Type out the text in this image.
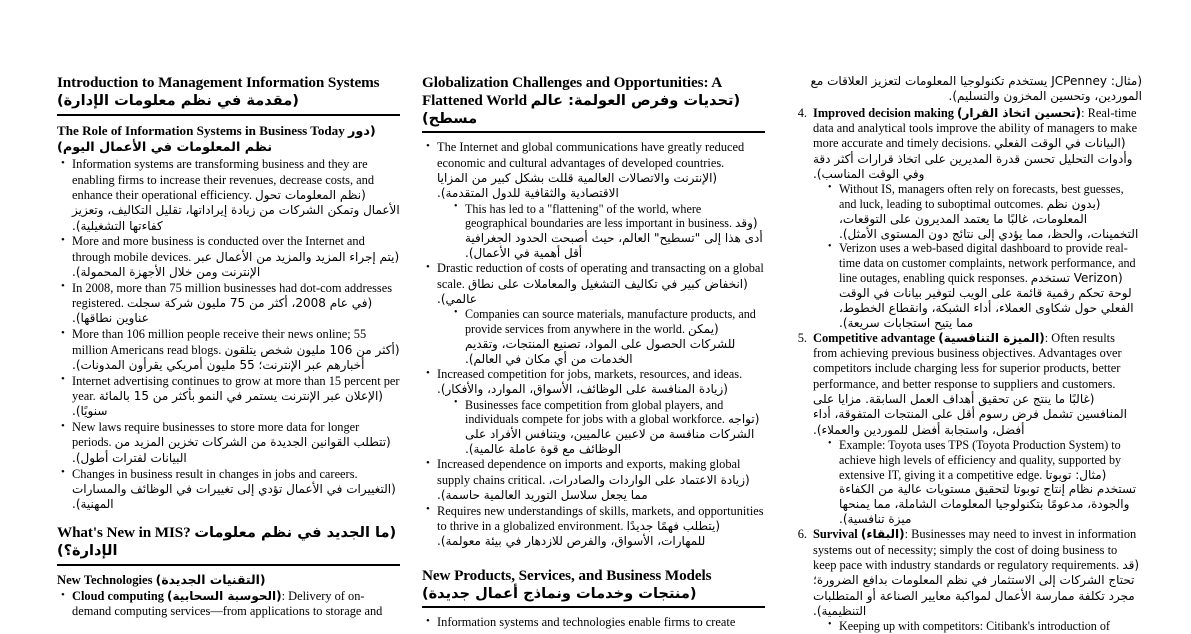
Introduction to Management Information Systems (مقدمة في نظم معلومات الإدارة)
The Role of Information Systems in Business Today (دور نظم المعلومات في الأعمال اليوم)
• Information systems are transforming business and they are enabling firms to increase their revenues, decrease costs, and enhance their operational efficiency. (نظم المعلومات تحول الأعمال وتمكن الشركات من زيادة إيراداتها، تقليل التكاليف، وتعزيز كفاءتها التشغيلية).
• More and more business is conducted over the Internet and through mobile devices. (يتم إجراء المزيد والمزيد من الأعمال عبر الإنترنت ومن خلال الأجهزة المحمولة).
• In 2008, more than 75 million businesses had dot-com addresses registered. (في عام 2008، أكثر من 75 مليون شركة سجلت عناوين نطاقها).
• More than 106 million people receive their news online; 55 million Americans read blogs. (أكثر من 106 مليون شخص يتلقون أخبارهم عبر الإنترنت؛ 55 مليون أمريكي يقرأون المدونات).
• Internet advertising continues to grow at more than 15 percent per year. (الإعلان عبر الإنترنت يستمر في النمو بأكثر من 15 بالمائة سنويًا).
• New laws require businesses to store more data for longer periods. (تتطلب القوانين الجديدة من الشركات تخزين المزيد من البيانات لفترات أطول).
• Changes in business result in changes in jobs and careers. (التغييرات في الأعمال تؤدي إلى تغييرات في الوظائف والمسارات المهنية).
What's New in MIS? (ما الجديد في نظم معلومات الإدارة؟)
New Technologies (التقنيات الجديدة)
• Cloud computing (الحوسبة السحابية): Delivery of on-demand computing services—from applications to storage and
Globalization Challenges and Opportunities: A Flattened World (تحديات وفرص العولمة: عالم مسطح)
• The Internet and global communications have greatly reduced economic and cultural advantages of developed countries. (الإنترنت والاتصالات العالمية قللت بشكل كبير من المزايا الاقتصادية والثقافية للدول المتقدمة).
• This has led to a "flattening" of the world, where geographical boundaries are less important in business. (وقد أدى هذا إلى "تسطيح" العالم، حيث أصبحت الحدود الجغرافية أقل أهمية في الأعمال).
• Drastic reduction of costs of operating and transacting on a global scale. (انخفاض كبير في تكاليف التشغيل والمعاملات على نطاق عالمي).
• Companies can source materials, manufacture products, and provide services from anywhere in the world. (يمكن للشركات الحصول على المواد، تصنيع المنتجات، وتقديم الخدمات من أي مكان في العالم).
• Increased competition for jobs, markets, resources, and ideas. (زيادة المنافسة على الوظائف، الأسواق، الموارد، والأفكار).
• Businesses face competition from global players, and individuals compete for jobs with a global workforce. (تواجه الشركات منافسة من لاعبين عالميين، ويتنافس الأفراد على الوظائف مع قوة عاملة عالمية).
• Increased dependence on imports and exports, making global supply chains critical. (زيادة الاعتماد على الواردات والصادرات، مما يجعل سلاسل التوريد العالمية حاسمة).
• Requires new understandings of skills, markets, and opportunities to thrive in a globalized environment. (يتطلب فهمًا جديدًا للمهارات، الأسواق، والفرص للازدهار في بيئة معولمة).
New Products, Services, and Business Models (منتجات وخدمات ونماذج أعمال جديدة)
• Information systems and technologies enable firms to create
(مثال: JCPenney يستخدم تكنولوجيا المعلومات لتعزيز العلاقات مع الموردين، وتحسين المخزون والتسليم).
4. Improved decision making (تحسين اتخاذ القرار): Real-time data and analytical tools improve the ability of managers to make more accurate and timely decisions. (البيانات في الوقت الفعلي وأدوات التحليل تحسن قدرة المديرين على اتخاذ قرارات أكثر دقة وفي الوقت المناسب).
• Without IS, managers often rely on forecasts, best guesses, and luck, leading to suboptimal outcomes. (بدون نظم المعلومات، غالبًا ما يعتمد المديرون على التوقعات، التخمينات، والحظ، مما يؤدي إلى نتائج دون المستوى الأمثل).
• Verizon uses a web-based digital dashboard to provide real-time data on customer complaints, network performance, and line outages, enabling quick responses. (Verizon تستخدم لوحة تحكم رقمية قائمة على الويب لتوفير بيانات في الوقت الفعلي حول شكاوى العملاء، أداء الشبكة، وانقطاع الخطوط، مما يتيح استجابات سريعة).
5. Competitive advantage (الميزة التنافسية): Often results from achieving previous business objectives. Advantages over competitors include charging less for superior products, better performance, and better response to suppliers and customers. (غالبًا ما ينتج عن تحقيق أهداف العمل السابقة. مزايا على المنافسين تشمل فرض رسوم أقل على المنتجات المتفوقة، أداء أفضل، واستجابة أفضل للموردين والعملاء).
• Example: Toyota uses TPS (Toyota Production System) to achieve high levels of efficiency and quality, supported by extensive IT, giving it a competitive edge. (مثال: توبوتا تستخدم نظام إنتاج توبوتا لتحقيق مستويات عالية من الكفاءة والجودة، مدعومًا بتكنولوجيا المعلومات الشاملة، مما يمنحها ميزة تنافسية).
6. Survival (البقاء): Businesses may need to invest in information systems out of necessity; simply the cost of doing business to keep pace with industry standards or regulatory requirements. (قد تحتاج الشركات إلى الاستثمار في نظم المعلومات بدافع الضرورة؛ مجرد تكلفة ممارسة الأعمال لمواكبة معايير الصناعة أو المتطلبات التنظيمية).
• Keeping up with competitors: Citibank's introduction of
